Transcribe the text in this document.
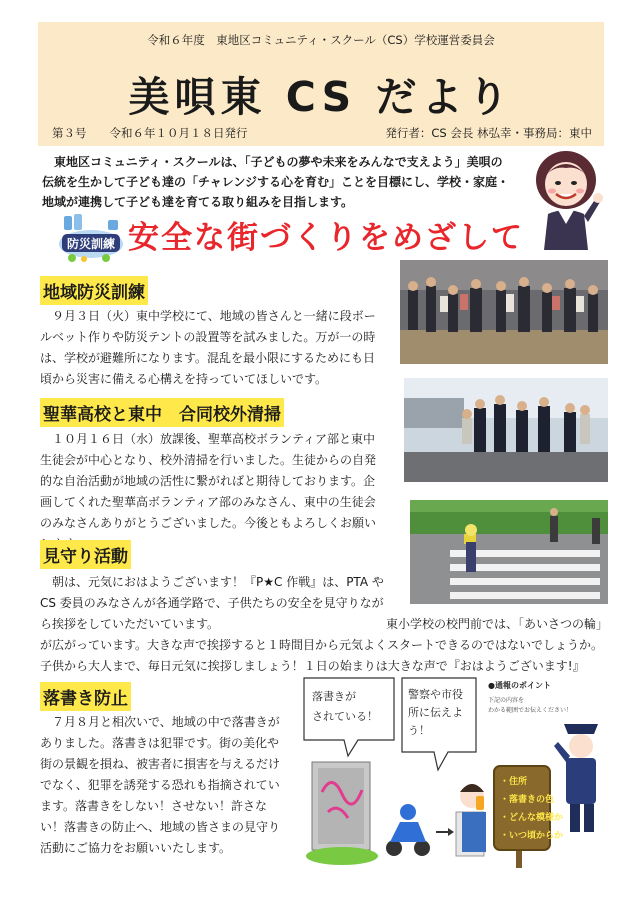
令和６年度　東地区コミュニティ・スクール（CS）学校運営委員会
美唄東 CS だより
第３号　　令和６年１０月１８日発行	発行者：CS 会長 林弘幸・事務局：東中

東地区コミュニティ・スクールは、「子どもの夢や未来をみんなで支えよう」美唄の伝統を生かして子ども達の「チャレンジする心を育む」ことを目標にし、学校・家庭・地域が連携して子ども達を育てる取り組みを目指します。

防災訓練 安全な街づくりをめざして
地域防災訓練

９月３日（火）東中学校にて、地域の皆さんと一緒に段ボールベット作りや防災テントの設置等を試みました。万が一の時は、学校が避難所になります。混乱を最小限にするためにも日頃から災害に備える心構えを持っていてほしいです。

聖華高校と東中　合同校外清掃

１０月１６日（水）放課後、聖華高校ボランティア部と東中生徒会が中心となり、校外清掃を行いました。生徒からの自発的な自治活動が地域の活性に繋がればと期待しております。企画してくれた聖華高ボランティア部のみなさん、東中の生徒会のみなさんありがとうございました。今後ともよろしくお願い

見守り活動

朝は、元気におはようございます！『P★C 作戦』は、PTA や CS 委員のみなさんが各通学路で、子供たちの安全を見守りながら挨拶をしていただいています。	東小学校の校門前では、「あいさつの輪」が広がっています。大きな声で挨拶すると１時間目から元気よくスタートできるのではないでしょうか。子供から大人まで、毎日元気に挨拶しましょう！１日の始まりは大きな声で『おはようございます!』

落書き防止

７月８月と相次いで、地域の中で落書きがありました。落書きは犯罪です。街の美化や街の景観を損ね、被害者に損害を与えるだけでなく、犯罪を誘発する恐れも指摘されています。落書きをしない！させない！許さない！落書きの防止へ、地域の皆さまの見守り活動にご協力をお願いいたします。

落書きが
されている！
警察や市役
所に伝えよ
う！
●通報のポイント
下記の内容を
わかる範囲でお伝えください！
・住所
・落書きの色
・どんな模様か
・いつ頃からか
